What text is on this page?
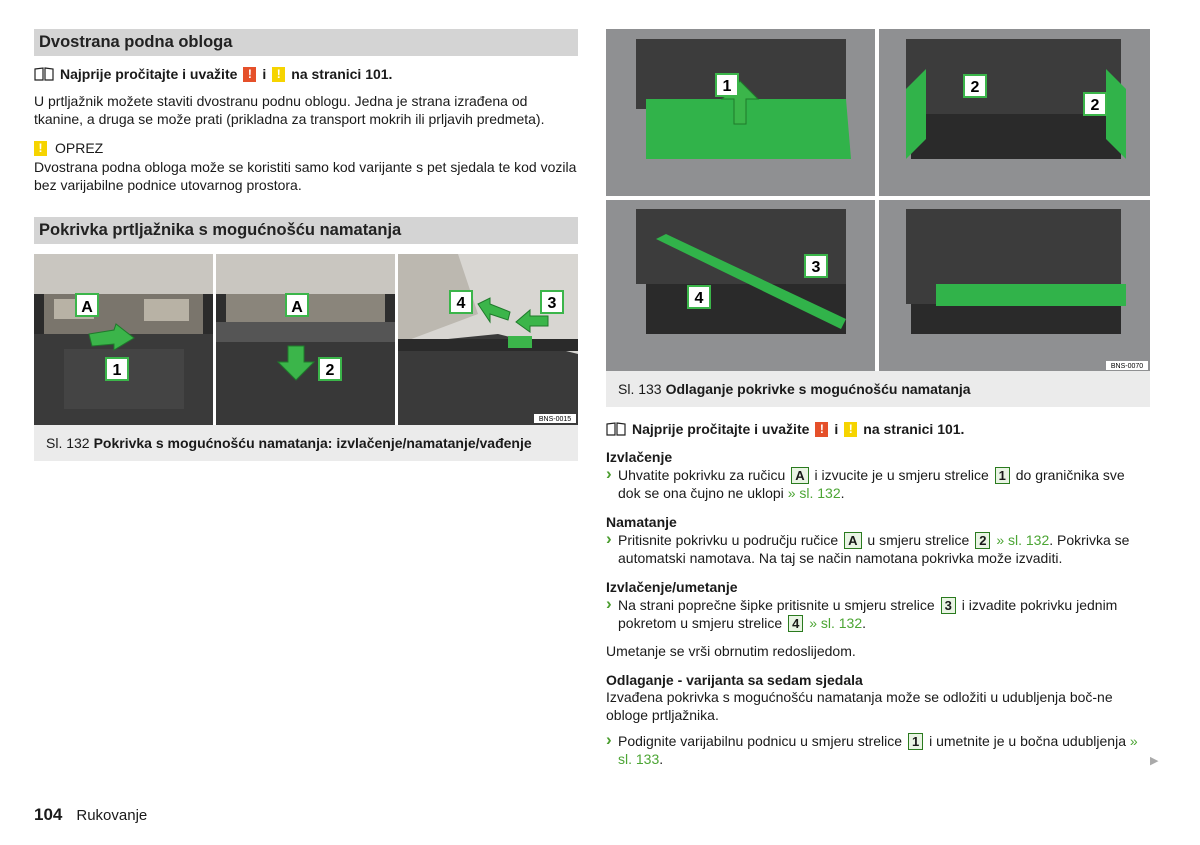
Dvostrana podna obloga
Najprije pročitajte i uvažite ! i ! na stranici 101.
U prtljažnik možete staviti dvostranu podnu oblogu. Jedna je strana izrađena od tkanine, a druga se može prati (prikladna za transport mokrih ili prljavih predmeta).
! OPREZ
Dvostrana podna obloga može se koristiti samo kod varijante s pet sjedala te kod vozila bez varijabilne podnice utovarnog prostora.
Pokrivka prtljažnika s mogućnošću namatanja
A
1
A
2
4	3
BNS-0015
Sl. 132 Pokrivka s mogućnošću namatanja: izvlačenje/namatanje/vađenje
1	2
2
4
3
BNS-0070
Sl. 133 Odlaganje pokrivke s mogućnošću namatanja
Najprije pročitajte i uvažite ! i ! na stranici 101.
Izvlačenje
› Uhvatite pokrivku za ručicu A i izvucite je u smjeru strelice 1 do graničnika sve dok se ona čujno ne uklopi » sl. 132.
Namatanje
› Pritisnite pokrivku u području ručice A u smjeru strelice 2 » sl. 132. Pokrivka se automatski namotava. Na taj se način namotana pokrivka može izvaditi.
Izvlačenje/umetanje
› Na strani poprečne šipke pritisnite u smjeru strelice 3 i izvadite pokrivku jednim pokretom u smjeru strelice 4 » sl. 132.
Umetanje se vrši obrnutim redoslijedom.
Odlaganje - varijanta sa sedam sjedala
Izvađena pokrivka s mogućnošću namatanja može se odložiti u udubljenja boč-ne obloge prtljažnika.
› Podignite varijabilnu podnicu u smjeru strelice 1 i umetnite je u bočna udubljenja » sl. 133.	▶
104 Rukovanje
